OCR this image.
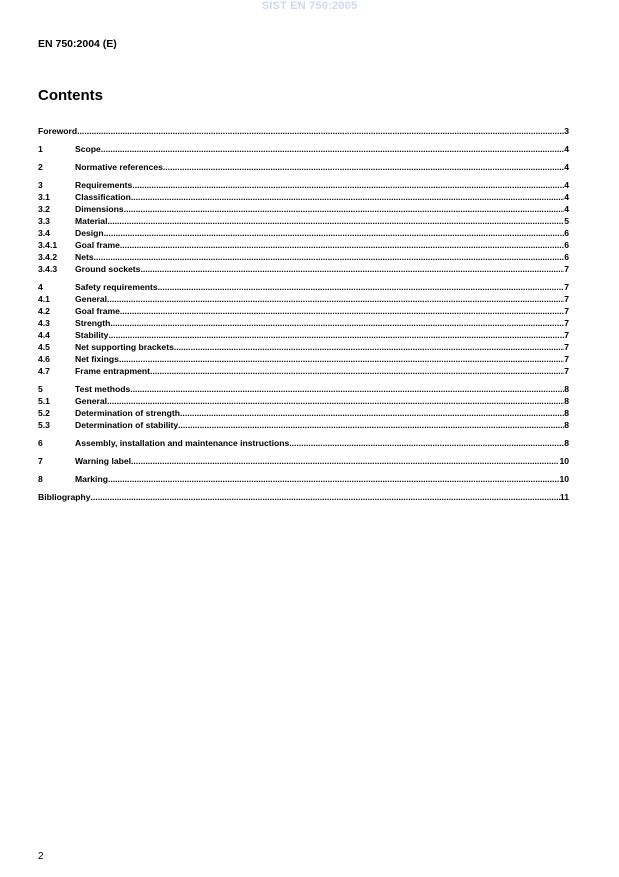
SIST EN 750:2005
EN 750:2004 (E)
Contents
Foreword .....	3
1	Scope .....	4
2	Normative references .....	4
3	Requirements .....	4
3.1	Classification .....	4
3.2	Dimensions .....	4
3.3	Material .....	5
3.4	Design .....	6
3.4.1	Goal frame .....	6
3.4.2	Nets .....	6
3.4.3	Ground sockets .....	7
4	Safety requirements .....	7
4.1	General .....	7
4.2	Goal frame .....	7
4.3	Strength .....	7
4.4	Stability .....	7
4.5	Net supporting brackets .....	7
4.6	Net fixings .....	7
4.7	Frame entrapment .....	7
5	Test methods .....	8
5.1	General .....	8
5.2	Determination of strength .....	8
5.3	Determination of stability .....	8
6	Assembly, installation and maintenance instructions .....	8
7	Warning label .....	10
8	Marking .....	10
Bibliography .....	11
2
